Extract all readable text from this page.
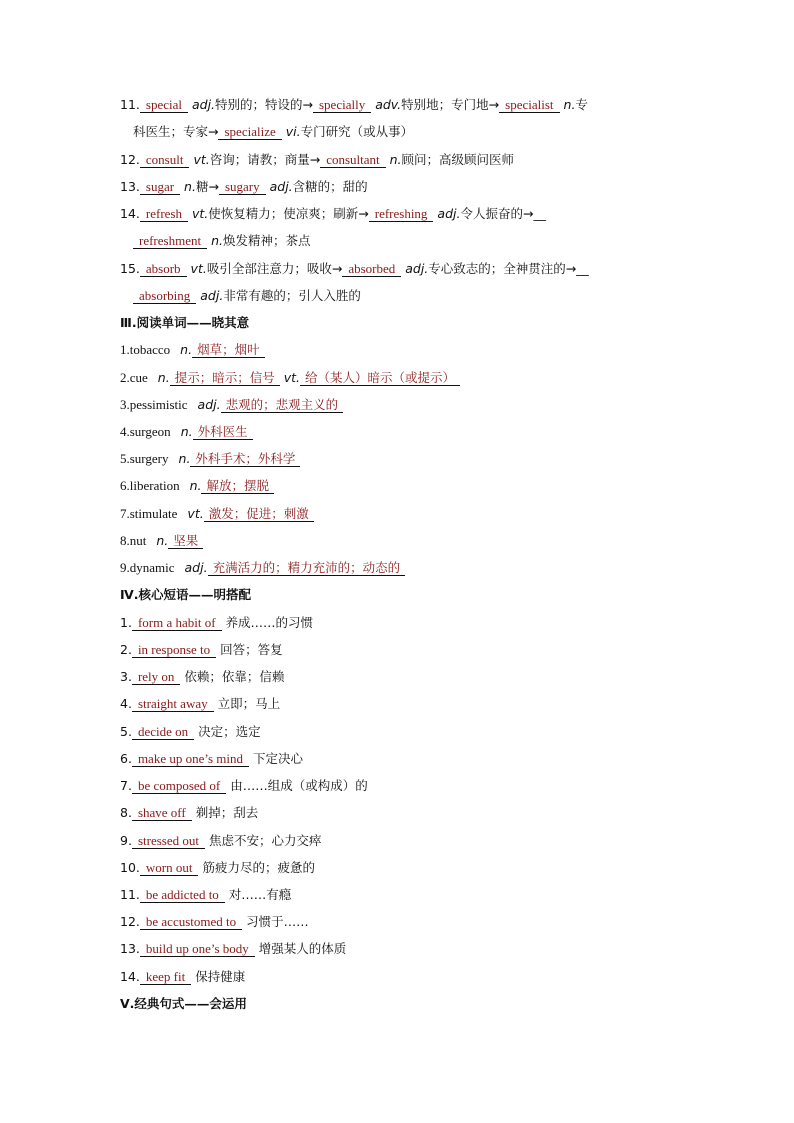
11. special adj.特别的；特设的→ specially adv.特别地；专门地→ specialist n.专
科医生；专家→ specialize vi.专门研究（或从事）
12. consult vt.咨询；请教；商量→ consultant n.顾问；高级顾问医师
13. sugar n.糖→ sugary adj.含糖的；甜的
14. refresh vt.使恢复精力；使凉爽；刷新→ refreshing adj.令人振奋的→__
refreshment n.焕发精神；茶点
15. absorb vt.吸引全部注意力；吸收→ absorbed adj.专心致志的；全神贯注的→__
absorbing adj.非常有趣的；引人入胜的
Ⅲ.阅读单词——晓其意
1.tobacco n. 烟草；烟叶
2.cue n. 提示；暗示；信号 vt. 给（某人）暗示（或提示）
3.pessimistic adj. 悲观的；悲观主义的
4.surgeon n. 外科医生
5.surgery n. 外科手术；外科学
6.liberation n. 解放；摆脱
7.stimulate vt. 激发；促进；刺激
8.nut n. 坚果
9.dynamic adj. 充满活力的；精力充沛的；动态的
Ⅳ.核心短语——明搭配
1. form a habit of 养成……的习惯
2. in response to 回答；答复
3. rely on 依赖；依靠；信赖
4. straight away 立即；马上
5. decide on 决定；选定
6. make up one’s mind 下定决心
7. be composed of 由……组成（或构成）的
8. shave off 剃掉；刮去
9. stressed out 焦虑不安；心力交瘁
10. worn out 筋疲力尽的；疲惫的
11. be addicted to 对……有瘾
12. be accustomed to 习惯于……
13. build up one’s body 增强某人的体质
14. keep fit 保持健康
Ⅴ.经典句式——会运用
